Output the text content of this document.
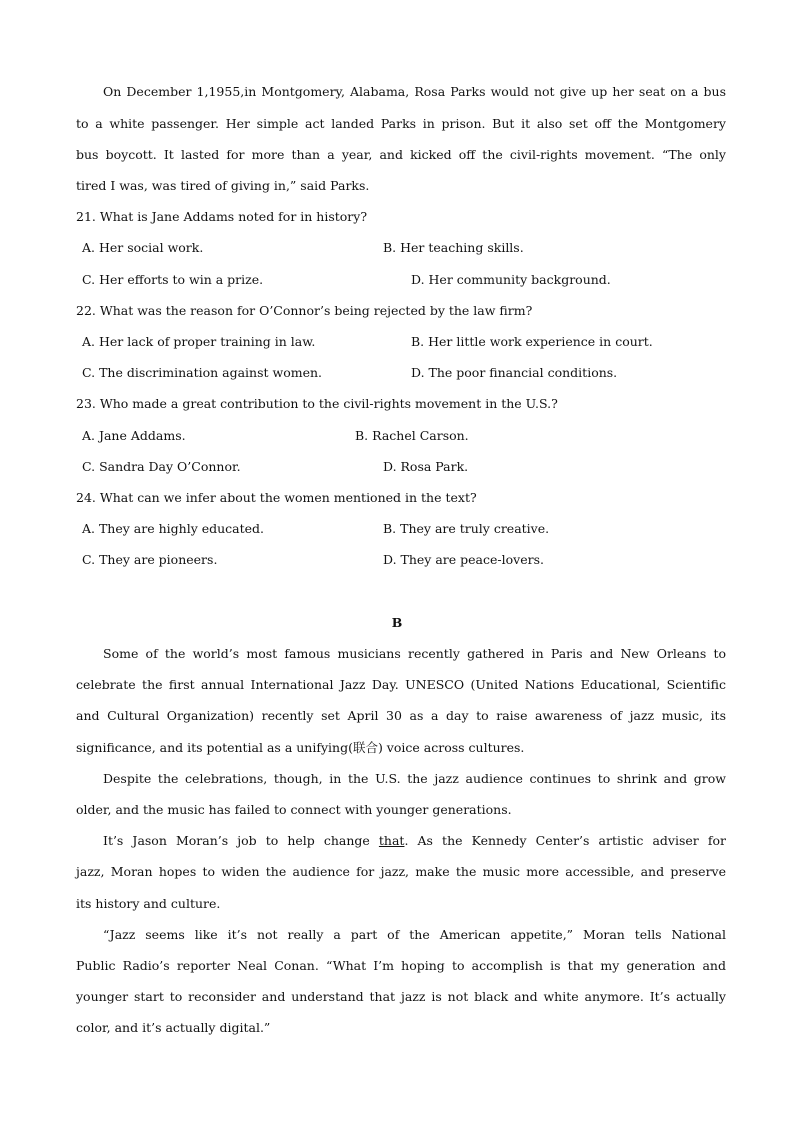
On December 1,1955,in Montgomery, Alabama, Rosa Parks would not give up her seat on a bus
to a white passenger. Her simple act landed Parks in prison. But it also set off the Montgomery
bus boycott. It lasted for more than a year, and kicked off the civil-rights movement. “The only
tired I was, was tired of giving in,” said Parks.
21. What is Jane Addams noted for in history?
A. Her social work.	B. Her teaching skills.
C. Her efforts to win a prize.	D. Her community background.
22. What was the reason for O’Connor’s being rejected by the law firm?
A. Her lack of proper training in law.	B. Her little work experience in court.
C. The discrimination against women.	D. The poor financial conditions.
23. Who made a great contribution to the civil-rights movement in the U.S.?
A. Jane Addams.	B. Rachel Carson.
C. Sandra Day O’Connor.	D. Rosa Park.
24. What can we infer about the women mentioned in the text?
A. They are highly educated.	B. They are truly creative.
C. They are pioneers.	D. They are peace-lovers.
B
Some of the world’s most famous musicians recently gathered in Paris and New Orleans to
celebrate the first annual International Jazz Day. UNESCO (United Nations Educational, Scientific
and Cultural Organization) recently set April 30 as a day to raise awareness of jazz music, its
significance, and its potential as a unifying(联合) voice across cultures.
Despite the celebrations, though, in the U.S. the jazz audience continues to shrink and grow
older, and the music has failed to connect with younger generations.
It’s Jason Moran’s job to help change that. As the Kennedy Center’s artistic adviser for
jazz, Moran hopes to widen the audience for jazz, make the music more accessible, and preserve
its history and culture.
“Jazz seems like it’s not really a part of the American appetite,” Moran tells National
Public Radio’s reporter Neal Conan. “What I’m hoping to accomplish is that my generation and
younger start to reconsider and understand that jazz is not black and white anymore. It’s actually
color, and it’s actually digital.”
